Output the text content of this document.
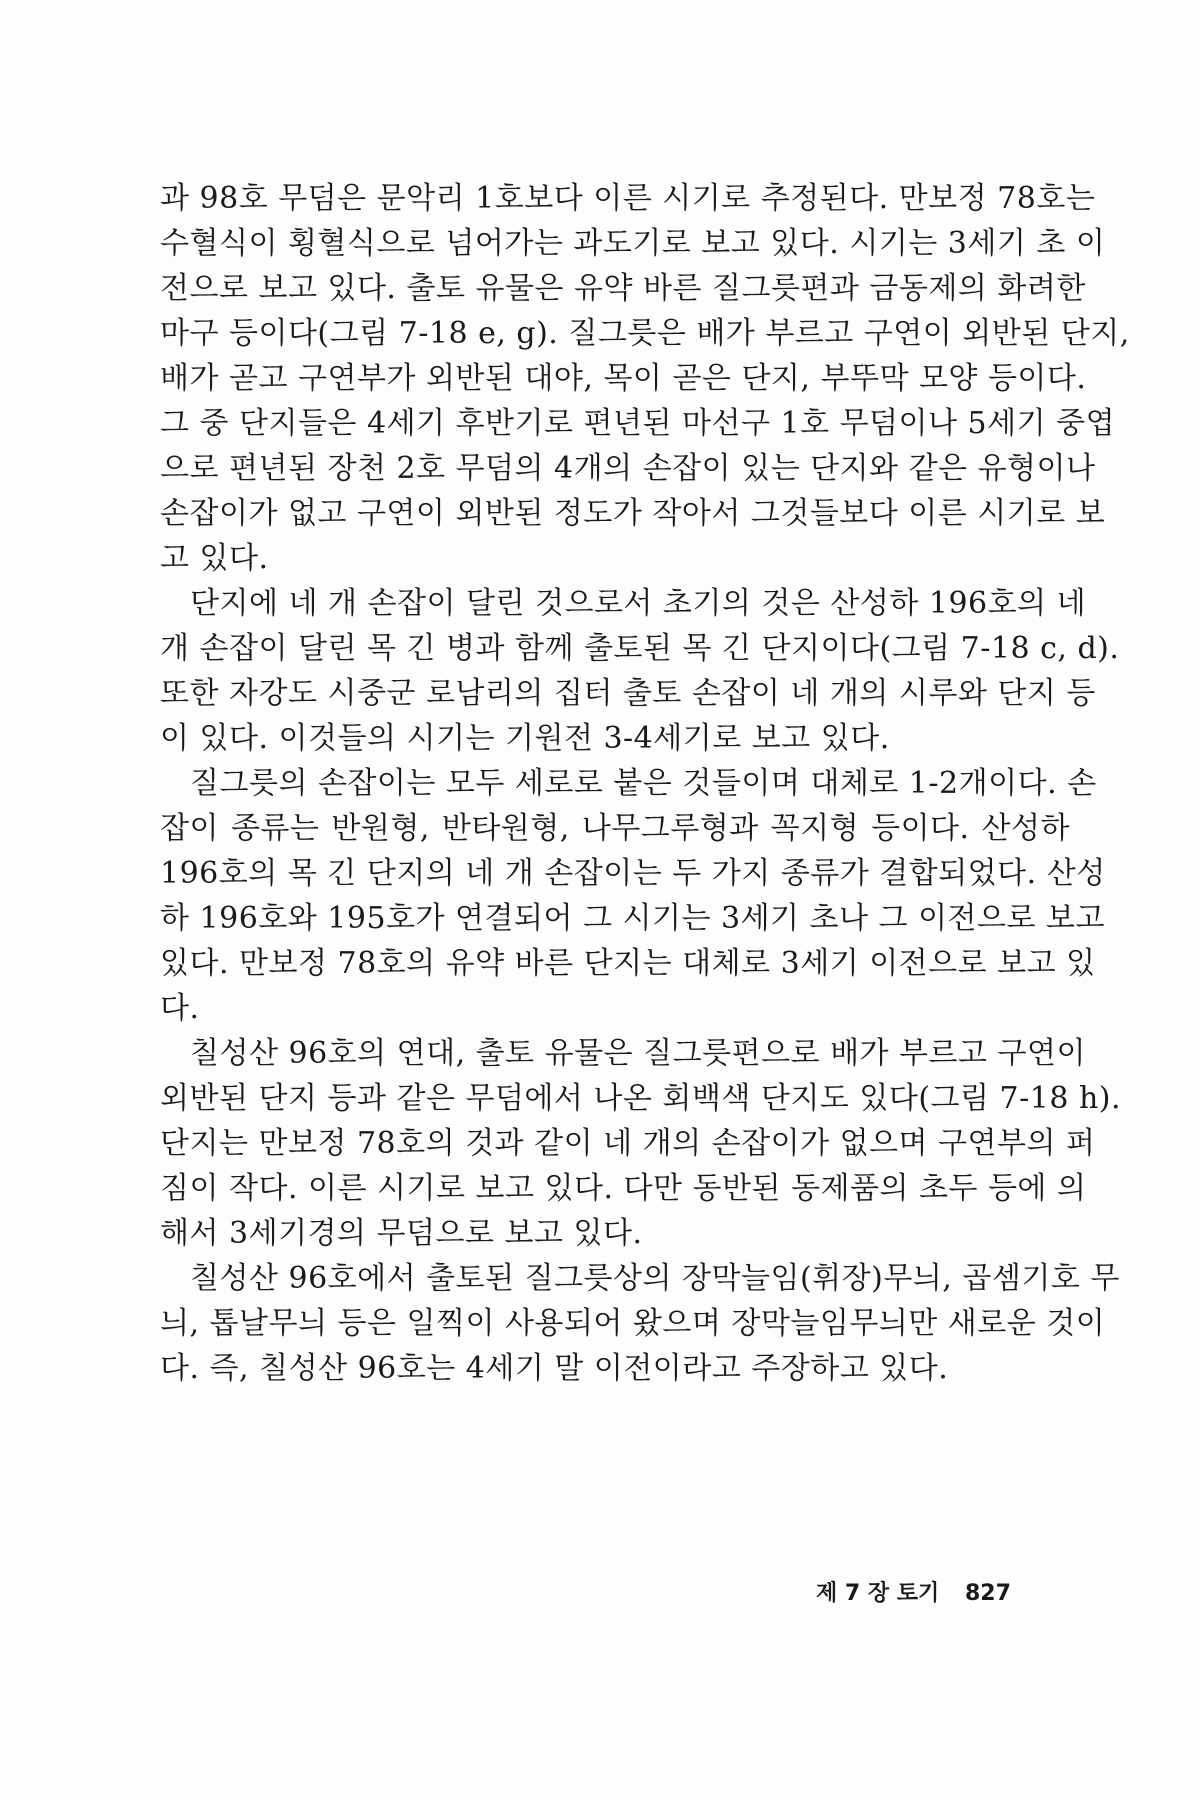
과 98호 무덤은 문악리 1호보다 이른 시기로 추정된다. 만보정 78호는
수혈식이 횡혈식으로 넘어가는 과도기로 보고 있다. 시기는 3세기 초 이
전으로 보고 있다. 출토 유물은 유약 바른 질그릇편과 금동제의 화려한
마구 등이다(그림 7-18 e, g). 질그릇은 배가 부르고 구연이 외반된 단지,
배가 곧고 구연부가 외반된 대야, 목이 곧은 단지, 부뚜막 모양 등이다.
그 중 단지들은 4세기 후반기로 편년된 마선구 1호 무덤이나 5세기 중엽
으로 편년된 장천 2호 무덤의 4개의 손잡이 있는 단지와 같은 유형이나
손잡이가 없고 구연이 외반된 정도가 작아서 그것들보다 이른 시기로 보
고 있다.
단지에 네 개 손잡이 달린 것으로서 초기의 것은 산성하 196호의 네
개 손잡이 달린 목 긴 병과 함께 출토된 목 긴 단지이다(그림 7-18 c, d).
또한 자강도 시중군 로남리의 집터 출토 손잡이 네 개의 시루와 단지 등
이 있다. 이것들의 시기는 기원전 3-4세기로 보고 있다.
질그릇의 손잡이는 모두 세로로 붙은 것들이며 대체로 1-2개이다. 손
잡이 종류는 반원형, 반타원형, 나무그루형과 꼭지형 등이다. 산성하
196호의 목 긴 단지의 네 개 손잡이는 두 가지 종류가 결합되었다. 산성
하 196호와 195호가 연결되어 그 시기는 3세기 초나 그 이전으로 보고
있다. 만보정 78호의 유약 바른 단지는 대체로 3세기 이전으로 보고 있
다.
칠성산 96호의 연대, 출토 유물은 질그릇편으로 배가 부르고 구연이
외반된 단지 등과 같은 무덤에서 나온 회백색 단지도 있다(그림 7-18 h).
단지는 만보정 78호의 것과 같이 네 개의 손잡이가 없으며 구연부의 퍼
짐이 작다. 이른 시기로 보고 있다. 다만 동반된 동제품의 초두 등에 의
해서 3세기경의 무덤으로 보고 있다.
칠성산 96호에서 출토된 질그릇상의 장막늘임(휘장)무늬, 곱셈기호 무
늬, 톱날무늬 등은 일찍이 사용되어 왔으며 장막늘임무늬만 새로운 것이
다. 즉, 칠성산 96호는 4세기 말 이전이라고 주장하고 있다.
제 7 장 토기 827
